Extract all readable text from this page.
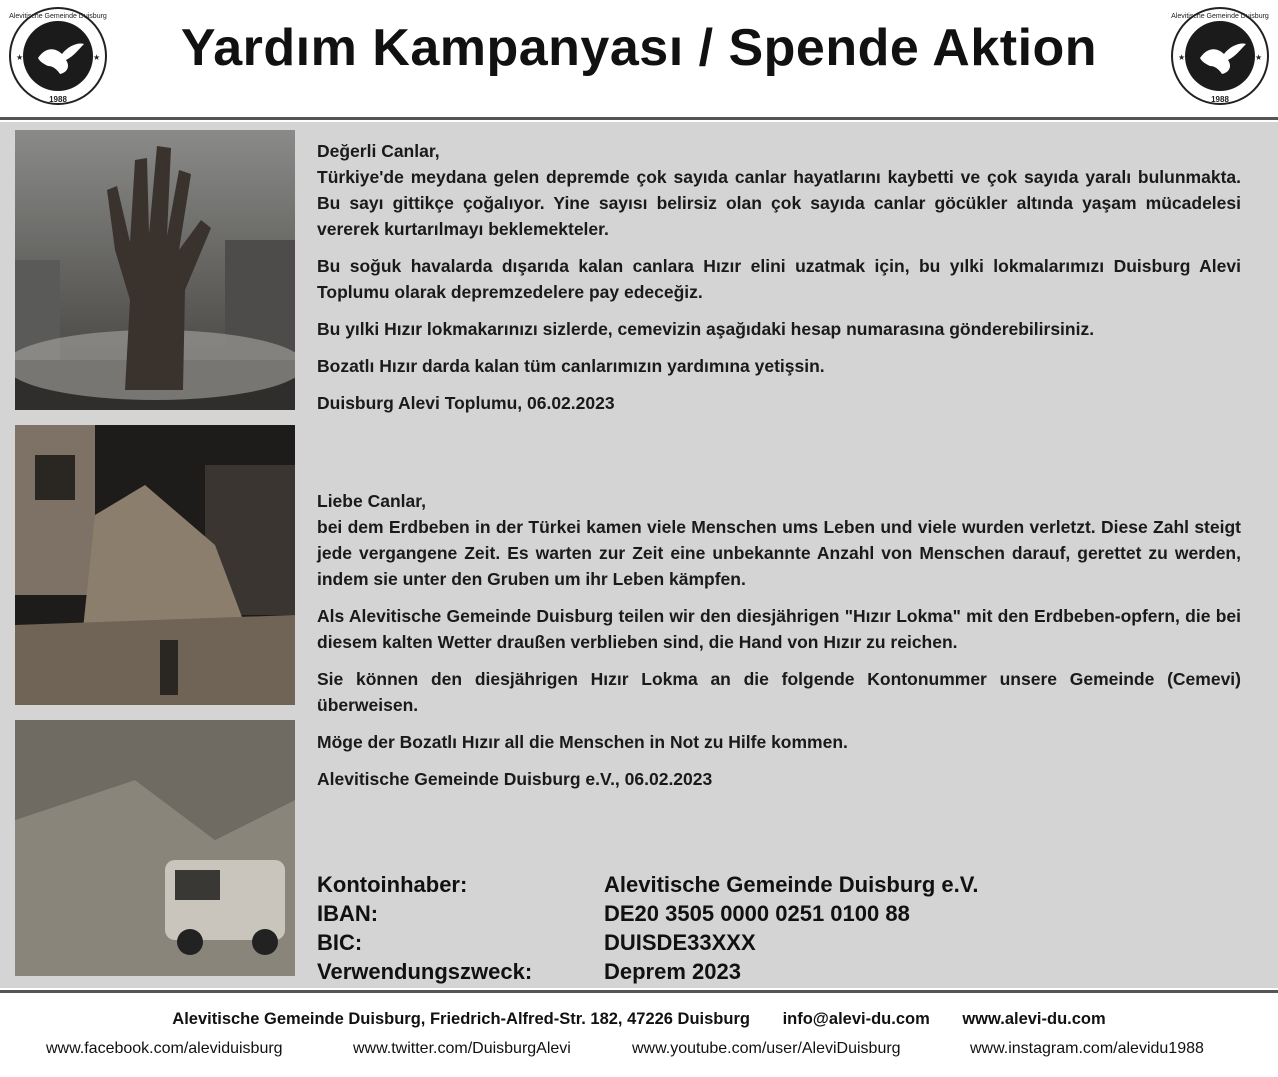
Alevitische Gemeinde Duisburg
1988
★	★	Yardım Kampanyası / Spende Aktion
Alevitische Gemeinde Duisburg
1988
★	★
Değerli Canlar,

Türkiye'de meydana gelen depremde çok sayıda canlar hayatlarını kaybetti ve çok sayıda yaralı bulunmakta. Bu sayı gittikçe çoğalıyor. Yine sayısı belirsiz olan çok sayıda canlar göcükler altında yaşam mücadelesi vererek kurtarılmayı beklemekteler.

Bu soğuk havalarda dışarıda kalan canlara Hızır elini uzatmak için, bu yılki lokmalarımızı Duisburg Alevi Toplumu olarak depremzedelere pay edeceğiz.

Bu yılki Hızır lokmakarınızı sizlerde, cemevizin aşağıdaki hesap numarasına gönderebilirsiniz.

Bozatlı Hızır darda kalan tüm canlarımızın yardımına yetişsin.

Duisburg Alevi Toplumu, 06.02.2023

Liebe Canlar,

bei dem Erdbeben in der Türkei kamen viele Menschen ums Leben und viele wurden verletzt. Diese Zahl steigt jede vergangene Zeit. Es warten zur Zeit eine unbekannte Anzahl von Menschen darauf, gerettet zu werden, indem sie unter den Gruben um ihr Leben kämpfen.

Als Alevitische Gemeinde Duisburg teilen wir den diesjährigen "Hızır Lokma" mit den Erdbeben-opfern, die bei diesem kalten Wetter draußen verblieben sind, die Hand von Hızır zu reichen.

Sie können den diesjährigen Hızır Lokma an die folgende Kontonummer unsere Gemeinde (Cemevi) überweisen.

Möge der Bozatlı Hızır all die Menschen in Not zu Hilfe kommen.

Alevitische Gemeinde Duisburg e.V., 06.02.2023

Kontoinhaber:	Alevitische Gemeinde Duisburg e.V.
IBAN:	DE20 3505 0000 0251 0100 88
BIC:	DUISDE33XXX
Verwendungszweck:	Deprem 2023
Alevitische Gemeinde Duisburg, Friedrich-Alfred-Str. 182, 47226 Duisburg info@alevi-du.com www.alevi-du.com
www.facebook.com/aleviduisburg	www.twitter.com/DuisburgAlevi	www.youtube.com/user/AleviDuisburg	www.instagram.com/alevidu1988
